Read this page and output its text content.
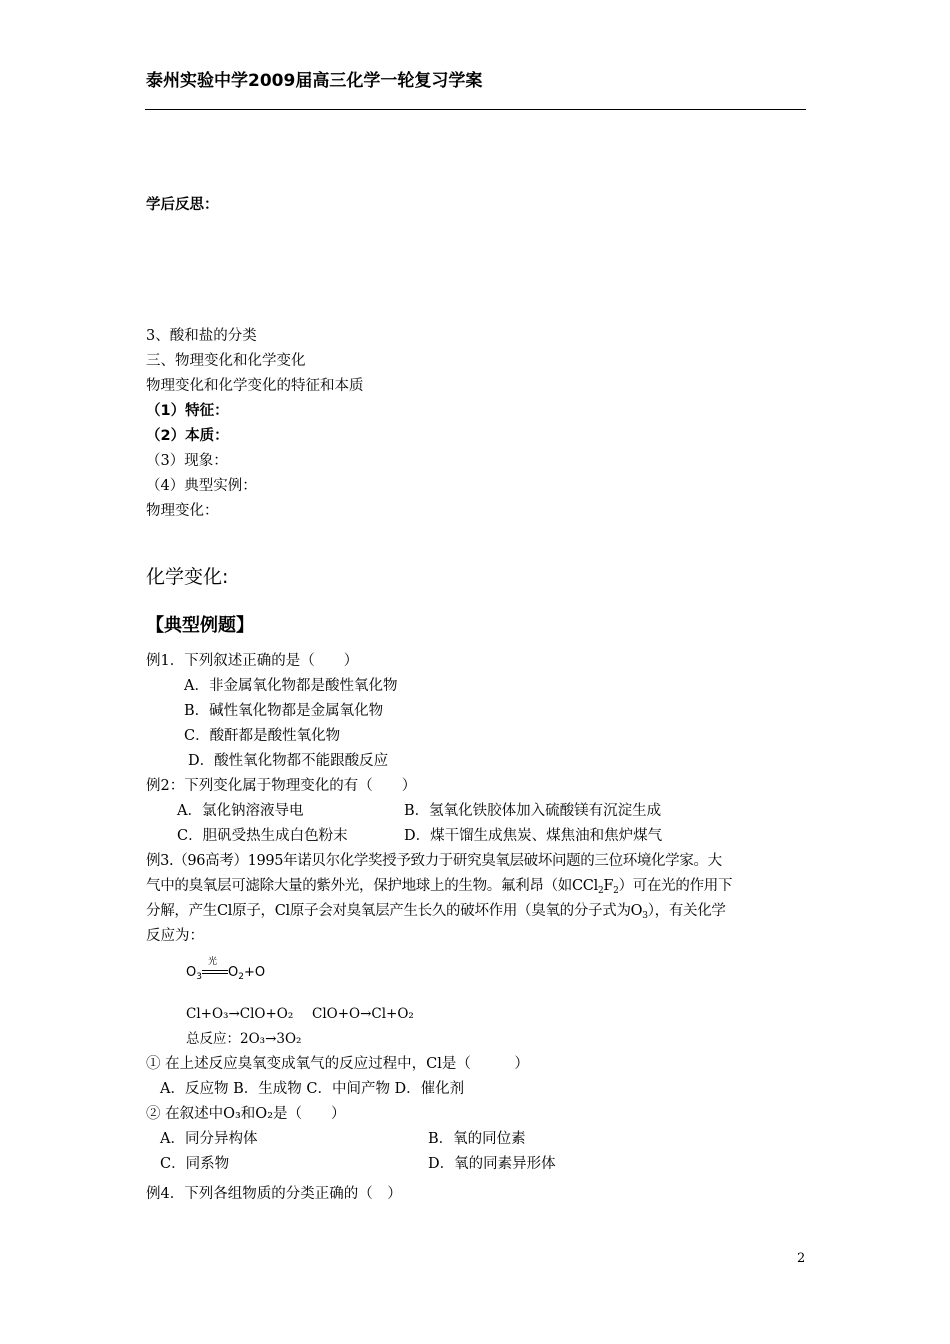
泰州实验中学2009届高三化学一轮复习学案
学后反思：
3、酸和盐的分类
三、物理变化和化学变化
物理变化和化学变化的特征和本质
（1）特征：
（2）本质：
（3）现象：
（4）典型实例：
物理变化：
化学变化:
【典型例题】
例1．下列叙述正确的是（　　）
A．非金属氧化物都是酸性氧化物
B．碱性氧化物都是金属氧化物
C．酸酐都是酸性氧化物
D．酸性氧化物都不能跟酸反应
例2：下列变化属于物理变化的有（　　）
A．氯化钠溶液导电	B．氢氧化铁胶体加入硫酸镁有沉淀生成
C．胆矾受热生成白色粉末	D．煤干馏生成焦炭、煤焦油和焦炉煤气
例3.（96高考）1995年诺贝尔化学奖授予致力于研究臭氧层破坏问题的三位环境化学家。大
气中的臭氧层可滤除大量的紫外光，保护地球上的生物。氟利昂（如$CCl_2F_2$）可在光的作用下
分解，产生Cl原子，Cl原子会对臭氧层产生长久的破坏作用（臭氧的分子式为$O_3$），有关化学
反应为：
$O_3$
光
$O_2+O$
Cl+O₃→ClO+O₂ ClO+O→Cl+O₂
总反应：2O₃→3O₂
① 在上述反应臭氧变成氧气的反应过程中，Cl是（　　　）
A．反应物 B．生成物 C．中间产物 D．催化剂
② 在叙述中O₃和O₂是（　　）
A．同分异构体	B．氧的同位素
C．同系物	D．氧的同素异形体
例4．下列各组物质的分类正确的（　）
2
